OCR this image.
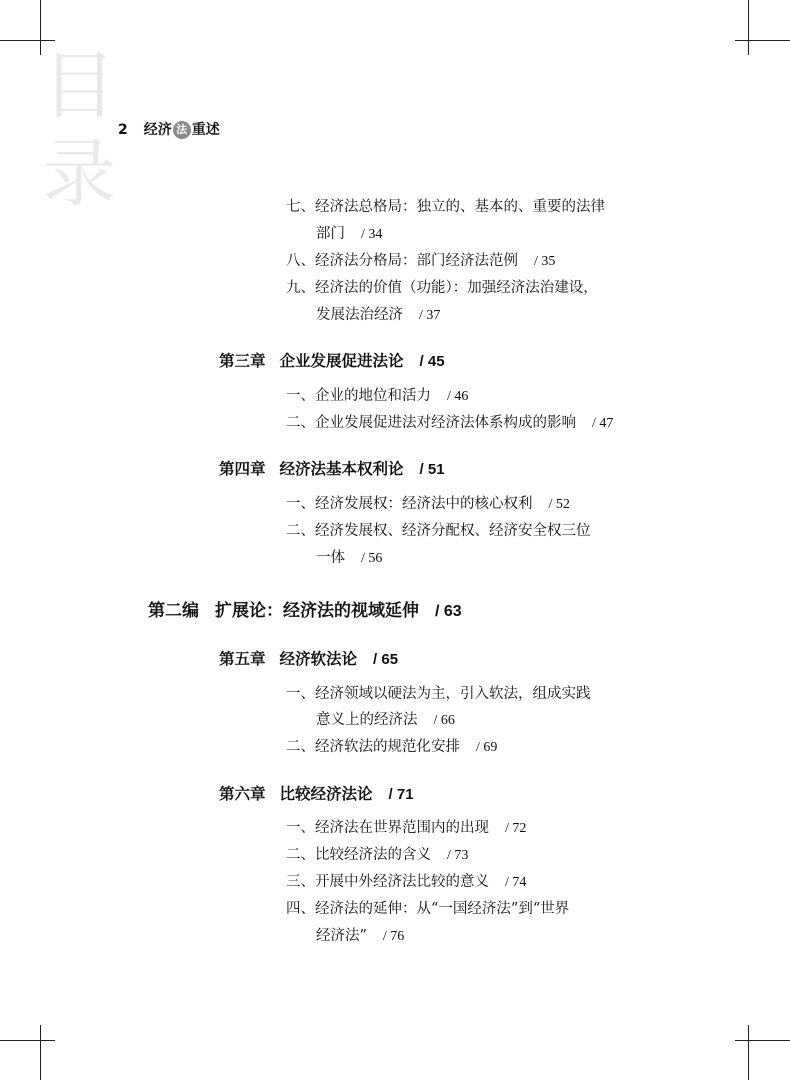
目
录
2 经济 法 重述
七、经济法总格局：独立的、基本的、重要的法律
部门 / 34
八、经济法分格局：部门经济法范例 / 35
九、经济法的价值（功能）：加强经济法治建设，
发展法治经济 / 37
第三章 企业发展促进法论 / 45
一、企业的地位和活力 / 46
二、企业发展促进法对经济法体系构成的影响 / 47
第四章 经济法基本权利论 / 51
一、经济发展权：经济法中的核心权利 / 52
二、经济发展权、经济分配权、经济安全权三位
一体 / 56
第二编 扩展论：经济法的视域延伸 / 63
第五章 经济软法论 / 65
一、经济领域以硬法为主，引入软法，组成实践
意义上的经济法 / 66
二、经济软法的规范化安排 / 69
第六章 比较经济法论 / 71
一、经济法在世界范围内的出现 / 72
二、比较经济法的含义 / 73
三、开展中外经济法比较的意义 / 74
四、经济法的延伸：从“一国经济法”到“世界
经济法” / 76
